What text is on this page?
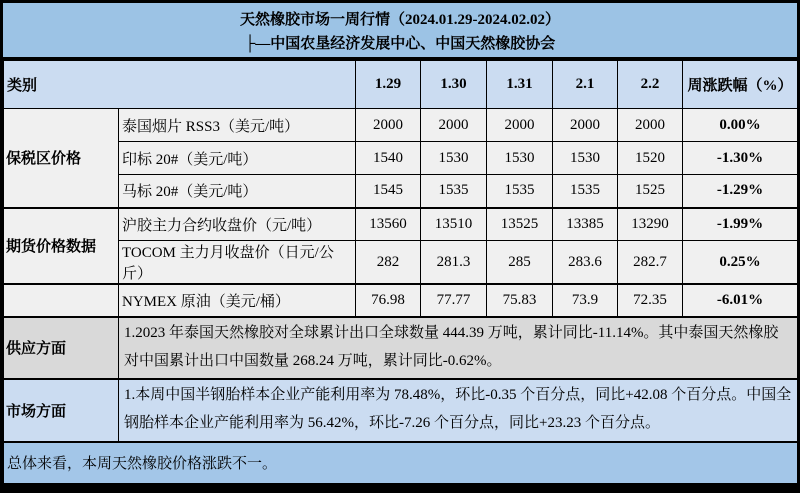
天然橡胶市场一周行情（2024.01.29-2024.02.02）
├—中国农垦经济发展中心、中国天然橡胶协会
类别		1.29	1.30	1.31	2.1	2.2	周涨跌幅（%）
保税区价格	泰国烟片 RSS3（美元/吨）	2000	2000	2000	2000	2000	0.00%
	印标 20#（美元/吨）	1540	1530	1530	1530	1520	-1.30%
	马标 20#（美元/吨）	1545	1535	1535	1535	1525	-1.29%
期货价格数据	沪胶主力合约收盘价（元/吨）	13560	13510	13525	13385	13290	-1.99%
	TOCOM 主力月收盘价（日元/公斤）	282	281.3	285	283.6	282.7	0.25%
	NYMEX 原油（美元/桶）	76.98	77.77	75.83	73.9	72.35	-6.01%
供应方面	1.2023 年泰国天然橡胶对全球累计出口全球数量 444.39 万吨，累计同比-11.14%。其中泰国天然橡胶对中国累计出口中国数量 268.24 万吨，累计同比-0.62%。						
市场方面	1.本周中国半钢胎样本企业产能利用率为 78.48%，环比-0.35 个百分点，同比+42.08 个百分点。中国全钢胎样本企业产能利用率为 56.42%，环比-7.26 个百分点，同比+23.23 个百分点。						
总体来看，本周天然橡胶价格涨跌不一。							
